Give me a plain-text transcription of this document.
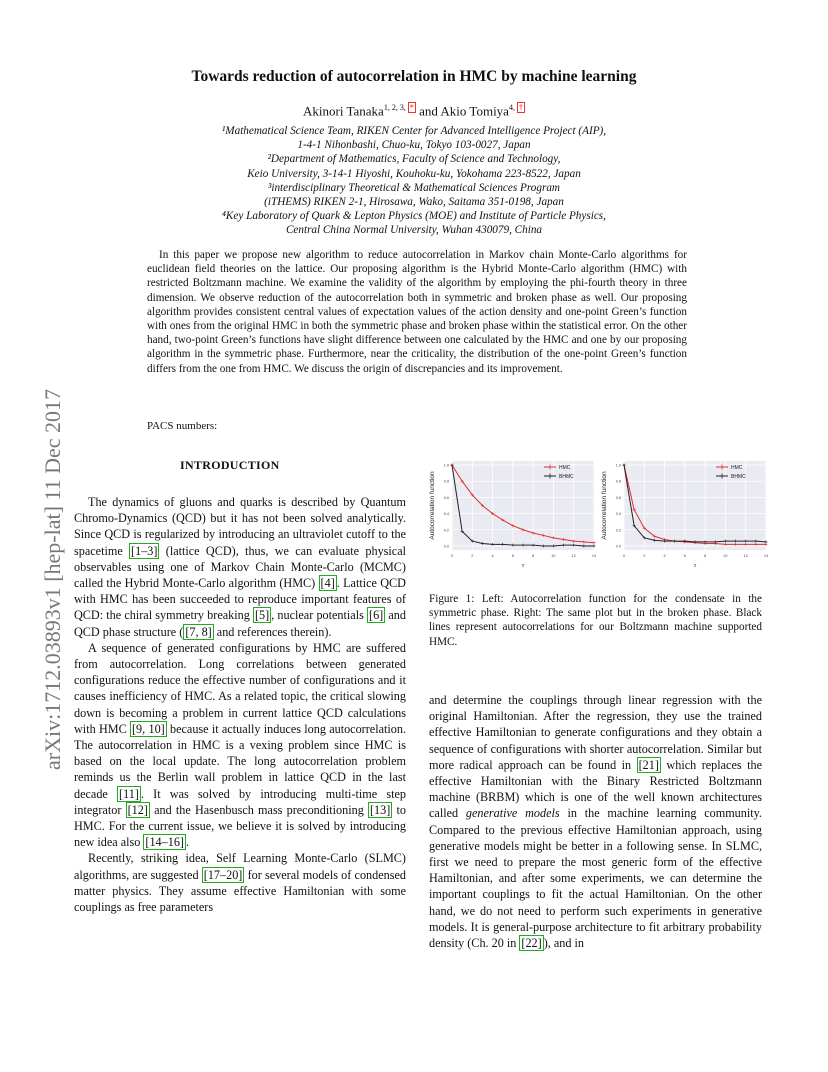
arXiv:1712.03893v1 [hep-lat] 11 Dec 2017
Towards reduction of autocorrelation in HMC by machine learning
Akinori Tanaka$^{1, 2, 3, *}$ and Akio Tomiya$^{4, \dagger}$
¹Mathematical Science Team, RIKEN Center for Advanced Intelligence Project (AIP),
1-4-1 Nihonbashi, Chuo-ku, Tokyo 103-0027, Japan
²Department of Mathematics, Faculty of Science and Technology,
Keio University, 3-14-1 Hiyoshi, Kouhoku-ku, Yokohama 223-8522, Japan
³interdisciplinary Theoretical & Mathematical Sciences Program
(iTHEMS) RIKEN 2-1, Hirosawa, Wako, Saitama 351-0198, Japan
⁴Key Laboratory of Quark & Lepton Physics (MOE) and Institute of Particle Physics,
Central China Normal University, Wuhan 430079, China
In this paper we propose new algorithm to reduce autocorrelation in Markov chain Monte-Carlo algorithms for euclidean field theories on the lattice. Our proposing algorithm is the Hybrid Monte-Carlo algorithm (HMC) with restricted Boltzmann machine. We examine the validity of the algorithm by employing the phi-fourth theory in three dimension. We observe reduction of the autocorrelation both in symmetric and broken phase as well. Our proposing algorithm provides consistent central values of expectation values of the action density and one-point Green’s function with ones from the original HMC in both the symmetric phase and broken phase within the statistical error. On the other hand, two-point Green’s functions have slight difference between one calculated by the HMC and one by our proposing algorithm in the symmetric phase. Furthermore, near the criticality, the distribution of the one-point Green’s function differs from the one from HMC. We discuss the origin of discrepancies and its improvement.
PACS numbers:
INTRODUCTION

The dynamics of gluons and quarks is described by Quantum Chromo-Dynamics (QCD) but it has not been solved analytically. Since QCD is regularized by introducing an ultraviolet cutoff to the spacetime [1–3] (lattice QCD), thus, we can evaluate physical observables using one of Markov Chain Monte-Carlo (MCMC) called the Hybrid Monte-Carlo algorithm (HMC) [4] . Lattice QCD with HMC has been succeeded to reproduce important features of QCD: the chiral symmetry breaking [5] , nuclear potentials [6] and QCD phase structure ( [7, 8] and references therein).

A sequence of generated configurations by HMC are suffered from autocorrelation. Long correlations between generated configurations reduce the effective number of configurations and it causes inefficiency of HMC. As a related topic, the critical slowing down is becoming a problem in current lattice QCD calculations with HMC [9, 10] because it actually induces long autocorrelation. The autocorrelation in HMC is a vexing problem since HMC is based on the local update. The long autocorrelation problem reminds us the Berlin wall problem in lattice QCD in the last decade [11] . It was solved by introducing multi-time step integrator [12] and the Hasenbusch mass preconditioning [13] to HMC. For the current issue, we believe it is solved by introducing new idea also [14–16] .

Recently, striking idea, Self Learning Monte-Carlo (SLMC) algorithms, are suggested [17–20] for several models of condensed matter physics. They assume effective Hamiltonian with some couplings as free parameters

0.0
0.2
0.4
0.6
0.8
1.0
0	2	4	6	8	10	12	14
HMC
BHMC
Autocorrelation function
τ
0.0
0.2
0.4
0.6
0.8
1.0
0	2	4	6	8	10	12	14
HMC
BHMC
Autocorrelation function
τ
Figure 1: Left: Autocorrelation function for the condensate in the symmetric phase. Right: The same plot but in the broken phase. Black lines represent autocorrelations for our Boltzmann machine supported HMC.

and determine the couplings through linear regression with the original Hamiltonian. After the regression, they use the trained effective Hamiltonian to generate configurations and they obtain a sequence of configurations with shorter autocorrelation. Similar but more radical approach can be found in [21] which replaces the effective Hamiltonian with the Binary Restricted Boltzmann machine (BRBM) which is one of the well known architectures called generative models in the machine learning community. Compared to the previous effective Hamiltonian approach, using generative models might be better in a following sense. In SLMC, first we need to prepare the most generic form of the effective Hamiltonian, and after some experiments, we can determine the important couplings to fit the actual Hamiltonian. On the other hand, we do not need to perform such experiments in generative models. It is general-purpose architecture to fit arbitrary probability density (Ch. 20 in [22] ), and in
